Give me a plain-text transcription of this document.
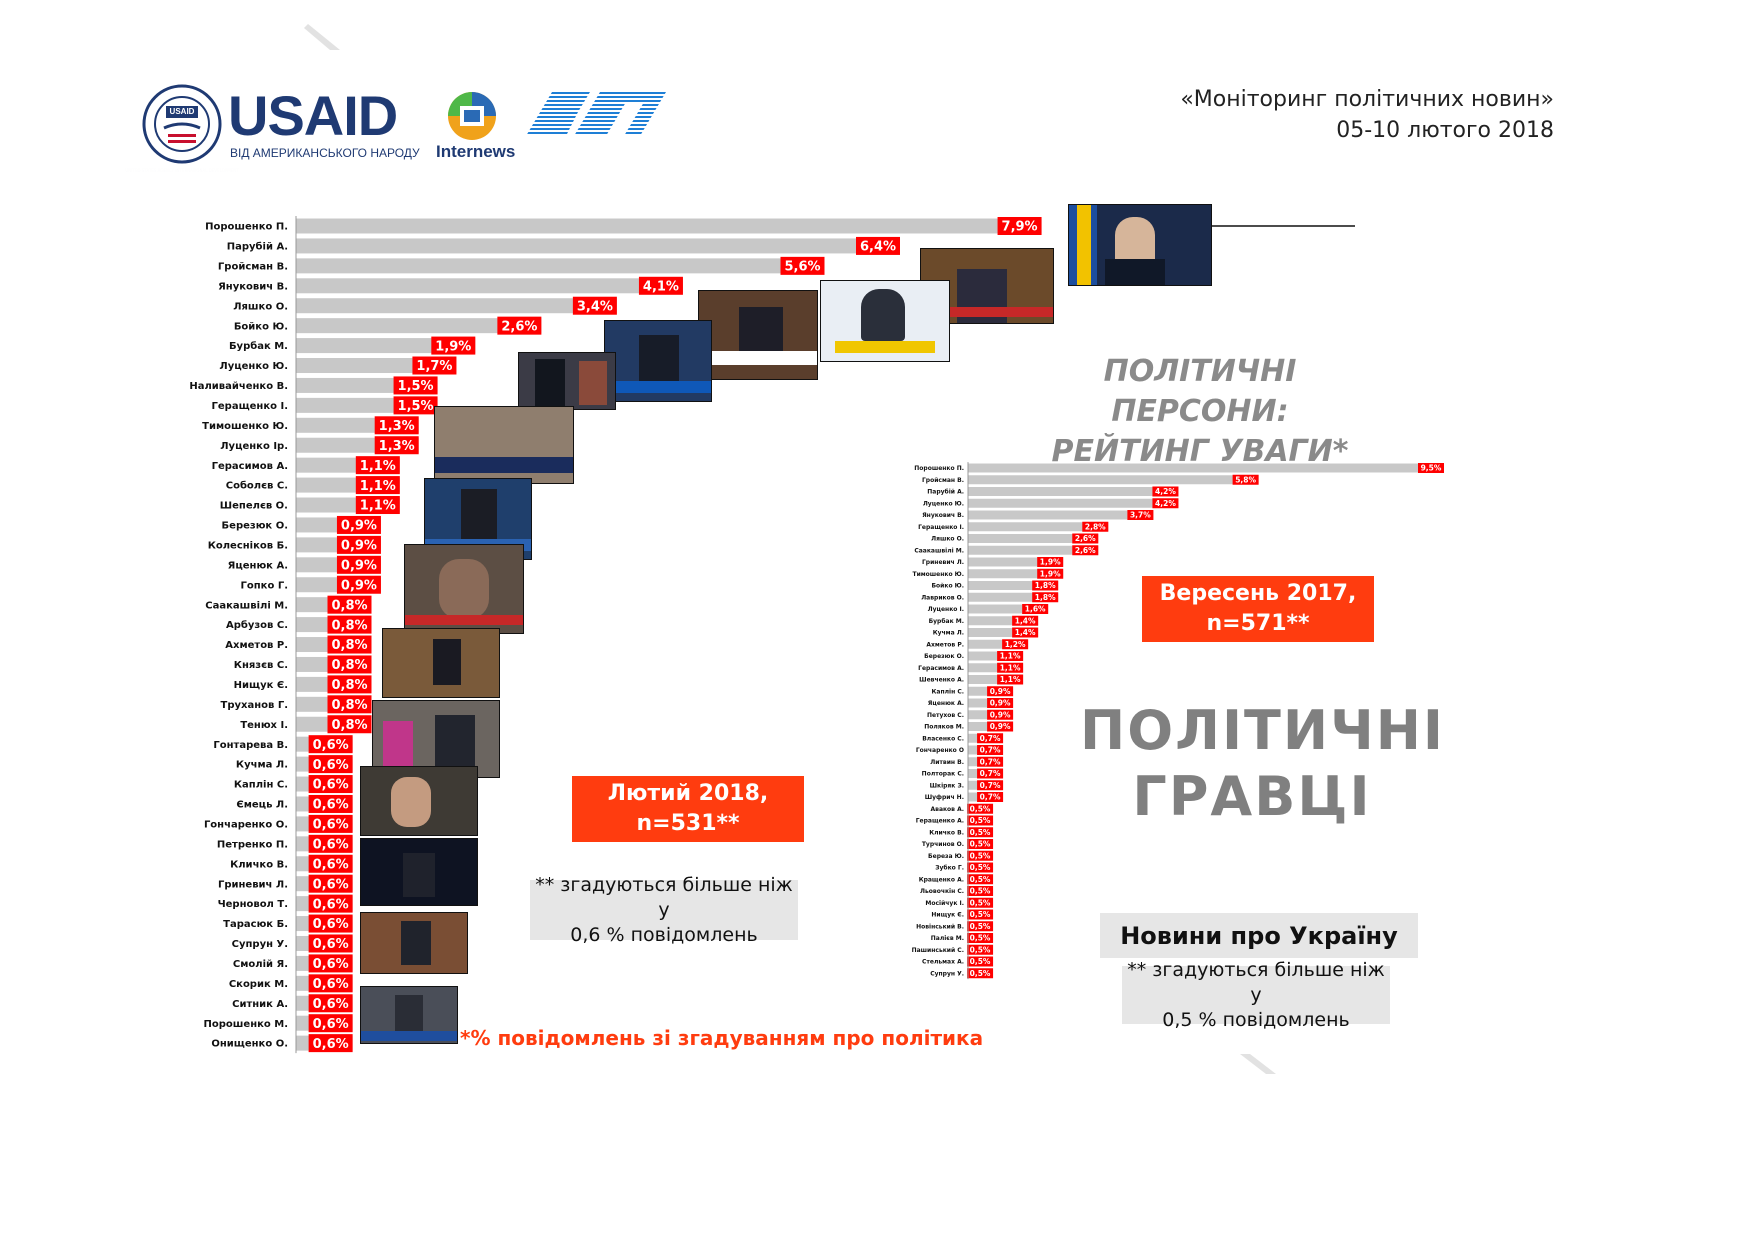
USAID USAID
ВІД АМЕРИКАНСЬКОГО НАРОДУ Internews
«Моніторинг політичних новин»
05-10 лютого 2018
Порошенко П.	7,9%
Парубій А.	6,4%
Гройсман В.	5,6%
Янукович В.	4,1%
Ляшко О.	3,4%
Бойко Ю.	2,6%
Бурбак М.	1,9%
Луценко Ю.	1,7%
Наливайченко В.	1,5%
Геращенко І.	1,5%
Тимошенко Ю.	1,3%
Луценко Ір.	1,3%
Герасимов А.	1,1%
Соболєв С.	1,1%
Шепелєв О.	1,1%
Березюк О.	0,9%
Колесніков Б.	0,9%
Яценюк А.	0,9%
Гопко Г.	0,9%
Саакашвілі М.	0,8%
Арбузов С.	0,8%
Ахметов Р.	0,8%
Князєв С.	0,8%
Нищук Є.	0,8%
Труханов Г.	0,8%
Тенюх І.	0,8%
Гонтарева В. 0,6%
Кучма Л. 0,6%
Каплін С. 0,6%
Ємець Л. 0,6%
Гончаренко О. 0,6%
Петренко П. 0,6%
Кличко В. 0,6%
Гриневич Л. 0,6%
Черновол Т. 0,6%
Тарасюк Б. 0,6%
Супрун У. 0,6%
Смолій Я. 0,6%
Скорик М. 0,6%
Ситник А. 0,6%
Порошенко М. 0,6%
Онищенко О. 0,6%
Порошенко П.	9,5%
Гройсман В.	5,8%
Парубій А.	4,2%
Луценко Ю.	4,2%
Янукович В.	3,7%
Геращенко І.	2,8%
Ляшко О.	2,6%
Саакашвілі М.	2,6%
Гриневич Л.	1,9%
Тимошенко Ю.	1,9%
Бойко Ю.	1,8%
Лавриков О.	1,8%
Луценко І.	1,6%
Бурбак М.	1,4%
Кучма Л.	1,4%
Ахметов Р.	1,2%
Березюк О.	1,1%
Герасимов А.	1,1%
Шевченко А.	1,1%
Каплін С.	0,9%
Яценюк А.	0,9%
Петухов С.	0,9%
Поляков М.	0,9%
Власенко С. 0,7%
Гончаренко О 0,7%
Литвин В. 0,7%
Полторак С. 0,7%
Шкіряк З. 0,7%
Шуфрич Н. 0,7%
Аваков А. 0,5%
Геращенко А. 0,5%
Кличко В. 0,5%
Турчинов О. 0,5%
Береза Ю. 0,5%
Зубко Г. 0,5%
Кращенко А. 0,5%
Льовочкін С. 0,5%
Мосійчук І. 0,5%
Нищук Є. 0,5%
Новінський В. 0,5%
Палієв М. 0,5%
Пашинський С. 0,5%
Стельмах А. 0,5%
Супрун У. 0,5%
ПОЛІТИЧНІ ПЕРСОНИ:
РЕЙТИНГ УВАГИ*
Вересень 2017,
n=571**
ПОЛІТИЧНІ
ГРАВЦІ
Лютий 2018,
n=531**
** згадуються більше ніж у
0,6 % повідомлень	Новини про Україну
** згадуються більше ніж у
0,5 % повідомлень
*% повідомлень зі згадуванням про політика
